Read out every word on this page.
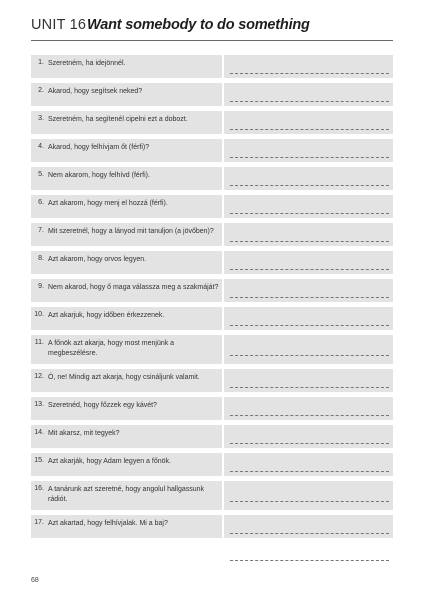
UNIT 16 Want somebody to do something
1. Szeretném, ha idejönnél.
2. Akarod, hogy segítsek neked?
3. Szeretném, ha segítenél cipelni ezt a dobozt.
4. Akarod, hogy felhívjam őt (férfi)?
5. Nem akarom, hogy felhívd (férfi).
6. Azt akarom, hogy menj el hozzá (férfi).
7. Mit szeretnél, hogy a lányod mit tanuljon (a jövőben)?
8. Azt akarom, hogy orvos legyen.
9. Nem akarod, hogy ő maga válassza meg a szakmáját?
10. Azt akarjuk, hogy időben érkezzenek.
11. A főnök azt akarja, hogy most menjünk a megbeszélésre.
12. Ó, ne! Mindig azt akarja, hogy csináljunk valamit.
13. Szeretnéd, hogy főzzek egy kávét?
14. Mit akarsz, mit tegyek?
15. Azt akarják, hogy Adam legyen a főnök.
16. A tanárunk azt szeretné, hogy angolul hallgassunk rádiót.
17. Azt akartad, hogy felhívjalak. Mi a baj?
68
